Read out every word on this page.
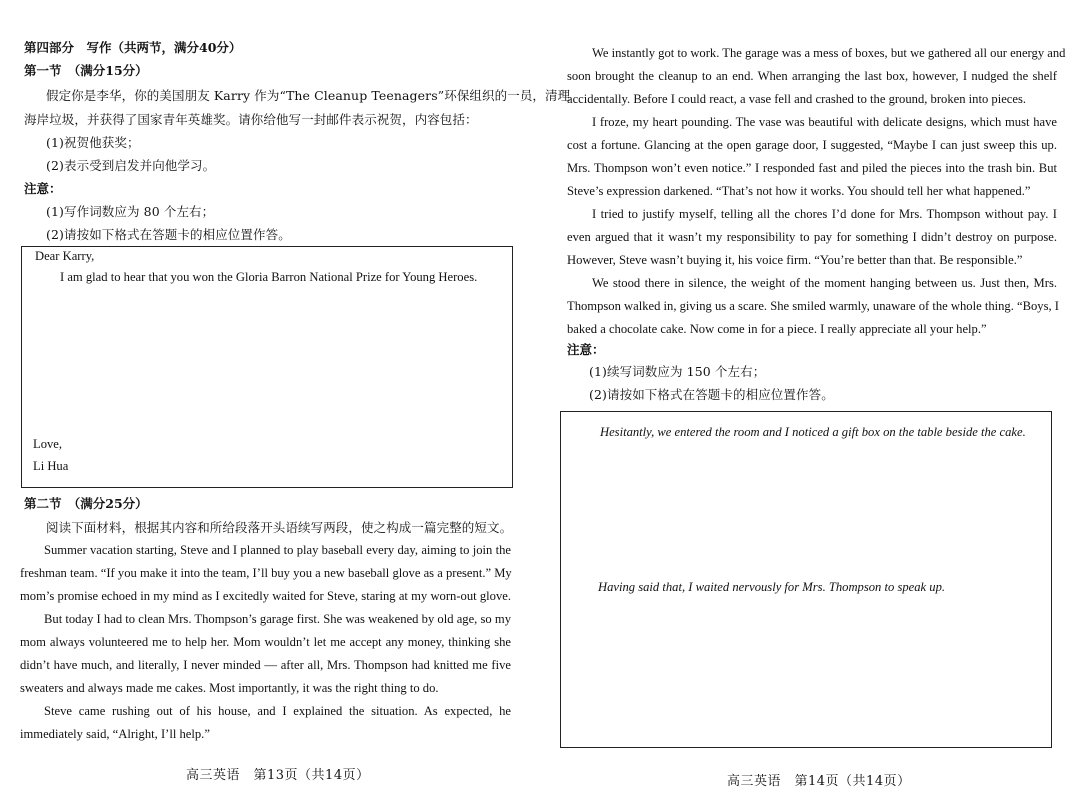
第四部分　写作（共两节，满分40分）
第一节　（满分15分）
假定你是李华，你的美国朋友 Karry 作为“The Cleanup Teenagers”环保组织的一员，清理
海岸垃圾，并获得了国家青年英雄奖。请你给他写一封邮件表示祝贺，内容包括：
(1)祝贺他获奖；
(2)表示受到启发并向他学习。
注意：
(1)写作词数应为 80 个左右；
(2)请按如下格式在答题卡的相应位置作答。
Dear Karry,
I am glad to hear that you won the Gloria Barron National Prize for Young Heroes.
Love,
Li Hua
第二节　（满分25分）
阅读下面材料，根据其内容和所给段落开头语续写两段，使之构成一篇完整的短文。
Summer vacation starting, Steve and I planned to play baseball every day, aiming to join the
freshman team. “If you make it into the team, I’ll buy you a new baseball glove as a present.” My
mom’s promise echoed in my mind as I excitedly waited for Steve, staring at my worn-out glove.
But today I had to clean Mrs. Thompson’s garage first. She was weakened by old age, so my
mom always volunteered me to help her. Mom wouldn’t let me accept any money, thinking she
didn’t have much, and literally, I never minded — after all, Mrs. Thompson had knitted me five
sweaters and always made me cakes. Most importantly, it was the right thing to do.
Steve came rushing out of his house, and I explained the situation. As expected, he
immediately said, “Alright, I’ll help.”
高三英语　第13页（共14页）
We instantly got to work. The garage was a mess of boxes, but we gathered all our energy and
soon brought the cleanup to an end. When arranging the last box, however, I nudged the shelf
accidentally. Before I could react, a vase fell and crashed to the ground, broken into pieces.
I froze, my heart pounding. The vase was beautiful with delicate designs, which must have
cost a fortune. Glancing at the open garage door, I suggested, “Maybe I can just sweep this up.
Mrs. Thompson won’t even notice.” I responded fast and piled the pieces into the trash bin. But
Steve’s expression darkened. “That’s not how it works. You should tell her what happened.”
I tried to justify myself, telling all the chores I’d done for Mrs. Thompson without pay. I
even argued that it wasn’t my responsibility to pay for something I didn’t destroy on purpose.
However, Steve wasn’t buying it, his voice firm. “You’re better than that. Be responsible.”
We stood there in silence, the weight of the moment hanging between us. Just then, Mrs.
Thompson walked in, giving us a scare. She smiled warmly, unaware of the whole thing. “Boys, I
baked a chocolate cake. Now come in for a piece. I really appreciate all your help.”
注意：
(1)续写词数应为 150 个左右；
(2)请按如下格式在答题卡的相应位置作答。
Hesitantly, we entered the room and I noticed a gift box on the table beside the cake.
Having said that, I waited nervously for Mrs. Thompson to speak up.
高三英语　第14页（共14页）
